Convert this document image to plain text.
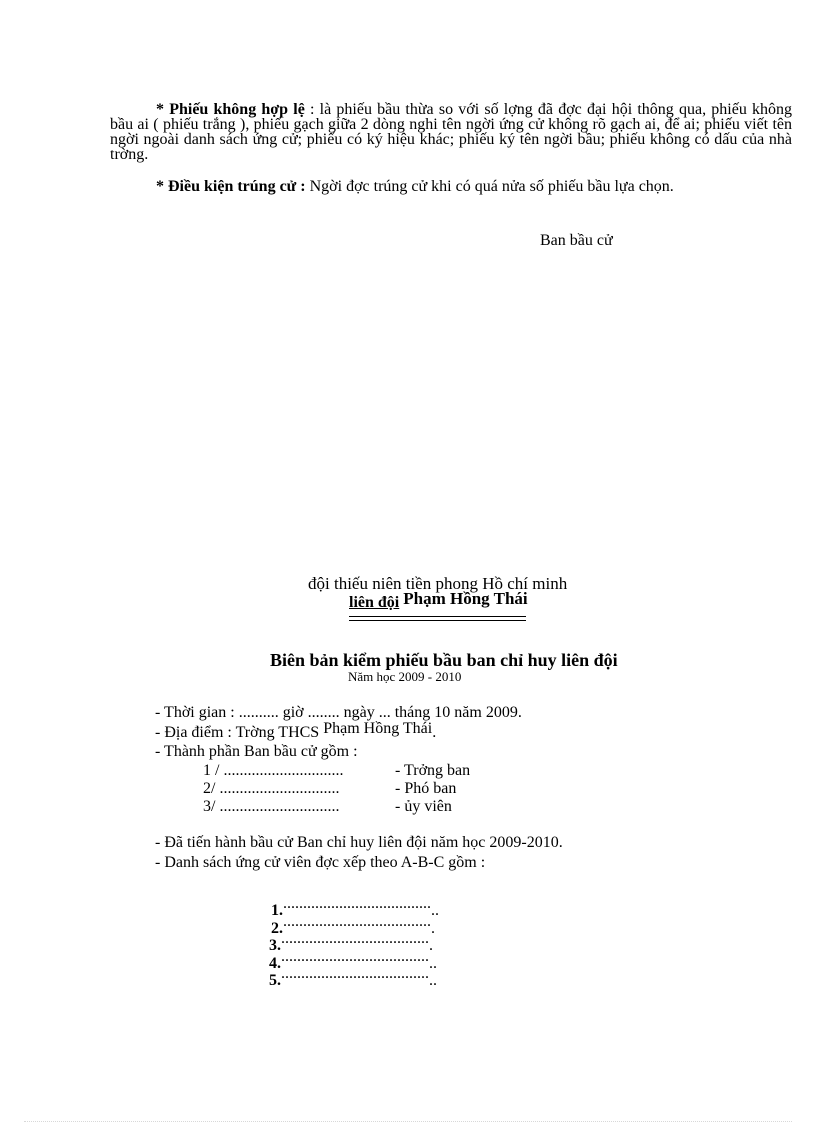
* Phiếu không hợp lệ : là phiếu bầu thừa so với số lợng đã đợc đại hội thông qua, phiếu không bầu ai ( phiếu trắng ), phiếu gạch giữa 2 dòng nghi tên ngời ứng cử không rõ gạch ai, để ai; phiếu viết tên ngời ngoài danh sách ứng cử; phiếu có ký hiệu khác; phiếu ký tên ngời bầu; phiếu không có dấu của nhà trờng.
* Điều kiện trúng cử : Ngời đợc trúng cử khi có quá nửa số phiếu bầu lựa chọn.
Ban bầu cử
đội thiếu niên tiền phong Hồ chí minh
liên đội Phạm Hồng Thái
Biên bản kiểm phiếu bầu ban chỉ huy liên đội
Năm học 2009 - 2010
- Thời gian : .......... giờ ........ ngày ... tháng 10 năm 2009.
- Địa điểm : Trờng THCS Phạm Hồng Thái.
- Thành phần Ban bầu cử gồm :
1 / ..............................	- Trởng ban
2/ ..............................	- Phó ban
3/ ..............................	- ủy viên
- Đã tiến hành bầu cử Ban chỉ huy liên đội năm học 2009-2010.
- Danh sách ứng cử viên đợc xếp theo A-B-C gồm :
1........................................
2.......................................
3.......................................
4........................................
5........................................
